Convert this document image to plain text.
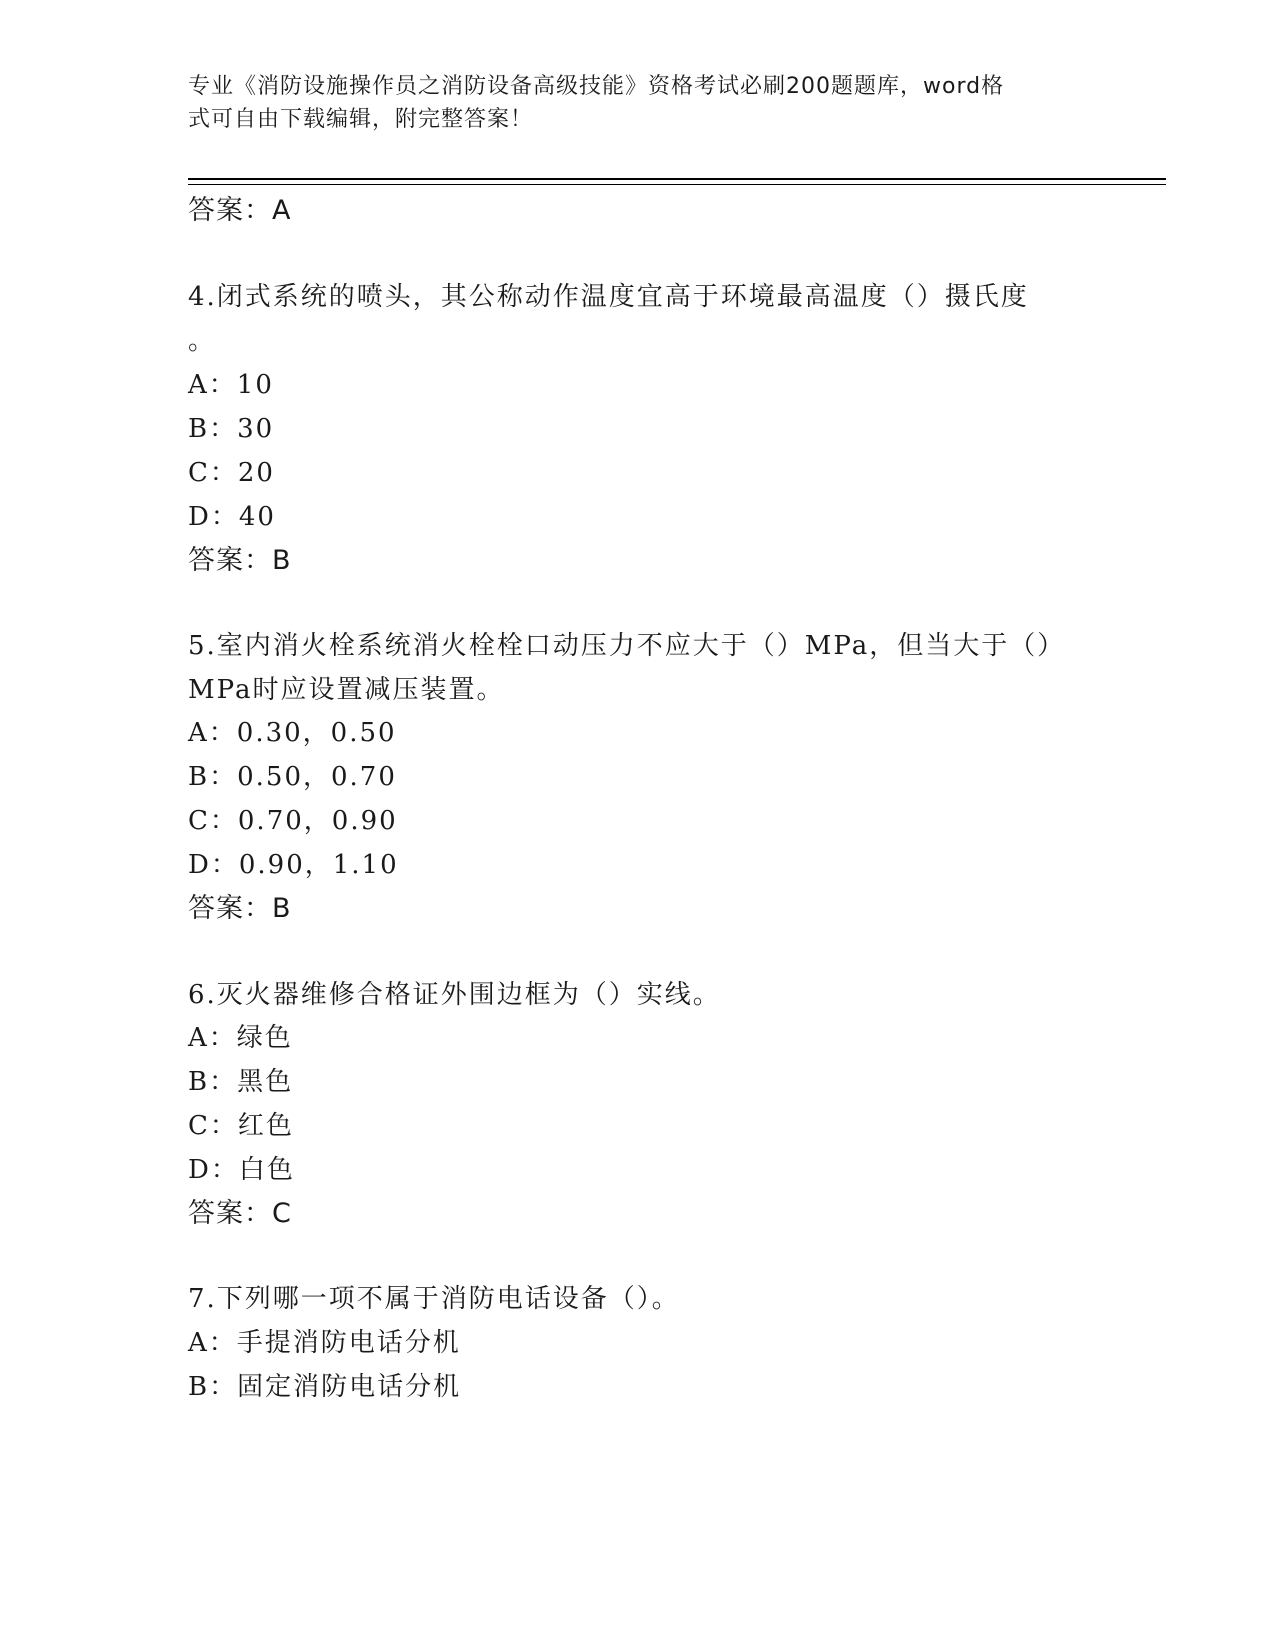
专业《消防设施操作员之消防设备高级技能》资格考试必刷200题题库，word格
式可自由下载编辑，附完整答案！
答案：A
4.闭式系统的喷头，其公称动作温度宜高于环境最高温度（）摄氏度
。
A：10
B：30
C：20
D：40
答案：B
5.室内消火栓系统消火栓栓口动压力不应大于（）MPa，但当大于（）
MPa时应设置减压装置。
A：0.30，0.50
B：0.50，0.70
C：0.70，0.90
D：0.90，1.10
答案：B
6.灭火器维修合格证外围边框为（）实线。
A：绿色
B：黑色
C：红色
D：白色
答案：C
7.下列哪一项不属于消防电话设备（）。
A：手提消防电话分机
B：固定消防电话分机
